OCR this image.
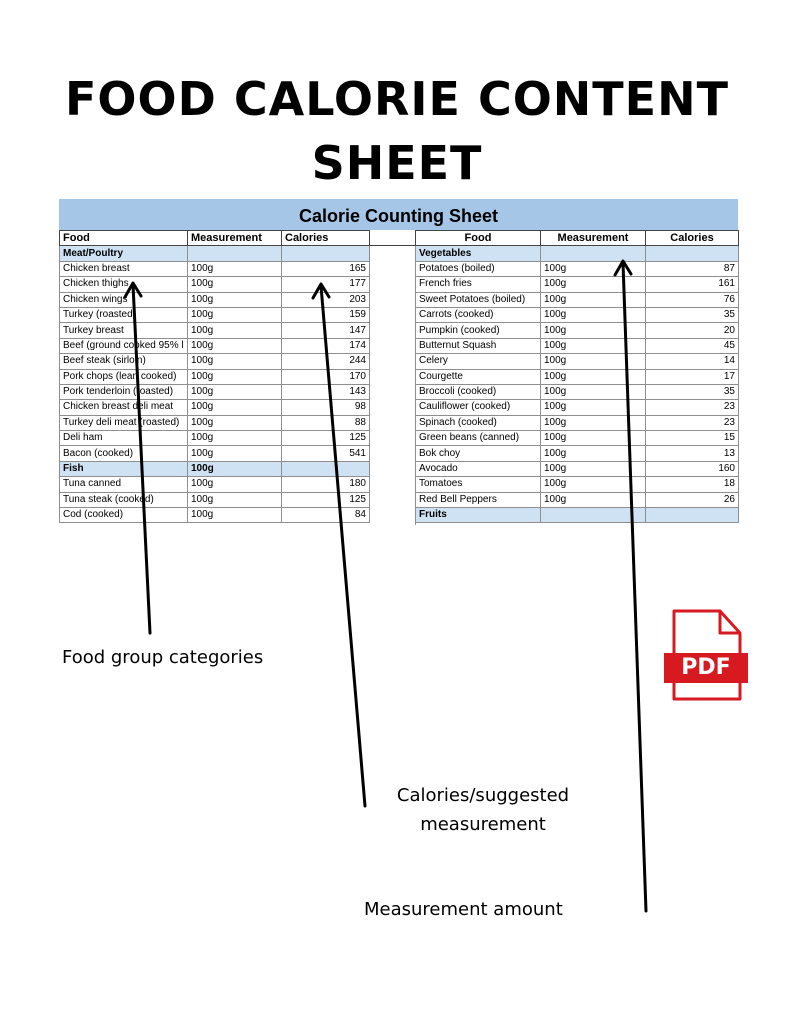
FOOD CALORIE CONTENT
SHEET
Calorie Counting Sheet
Food	Measurement	Calories
Meat/Poultry		
Chicken breast	100g	165
Chicken thighs	100g	177
Chicken wings	100g	203
Turkey (roasted)	100g	159
Turkey breast	100g	147
Beef (ground cooked 95% l	100g	174
Beef steak (sirloin)	100g	244
Pork chops (lean cooked)	100g	170
Pork tenderloin (roasted)	100g	143
Chicken breast deli meat	100g	98
Turkey deli meat (roasted)	100g	88
Deli ham	100g	125
Bacon (cooked)	100g	541
Fish	100g	
Tuna canned	100g	180
Tuna steak (cooked)	100g	125
Cod (cooked)	100g	84
Food	Measurement	Calories
Vegetables		
Potatoes (boiled)	100g	87
French fries	100g	161
Sweet Potatoes (boiled)	100g	76
Carrots (cooked)	100g	35
Pumpkin (cooked)	100g	20
Butternut Squash	100g	45
Celery	100g	14
Courgette	100g	17
Broccoli (cooked)	100g	35
Cauliflower (cooked)	100g	23
Spinach (cooked)	100g	23
Green beans (canned)	100g	15
Bok choy	100g	13
Avocado	100g	160
Tomatoes	100g	18
Red Bell Peppers	100g	26
Fruits		
Food group categories
Calories/suggested
measurement
Measurement amount
PDF
